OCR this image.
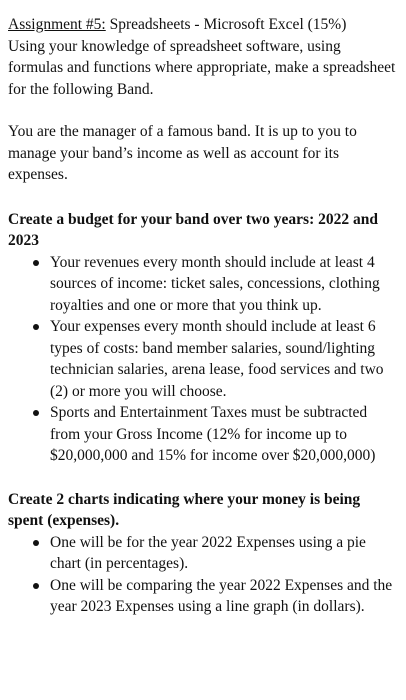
Assignment #5: Spreadsheets - Microsoft Excel (15%)
Using your knowledge of spreadsheet software, using formulas and functions where appropriate, make a spreadsheet for the following Band.

You are the manager of a famous band. It is up to you to manage your band’s income as well as account for its expenses.

Create a budget for your band over two years: 2022 and 2023

Your revenues every month should include at least 4 sources of income: ticket sales, concessions, clothing royalties and one or more that you think up.
Your expenses every month should include at least 6 types of costs: band member salaries, sound/lighting technician salaries, arena lease, food services and two (2) or more you will choose.
Sports and Entertainment Taxes must be subtracted from your Gross Income (12% for income up to $20,000,000 and 15% for income over $20,000,000)

Create 2 charts indicating where your money is being spent (expenses).

One will be for the year 2022 Expenses using a pie chart (in percentages).
One will be comparing the year 2022 Expenses and the year 2023 Expenses using a line graph (in dollars).
